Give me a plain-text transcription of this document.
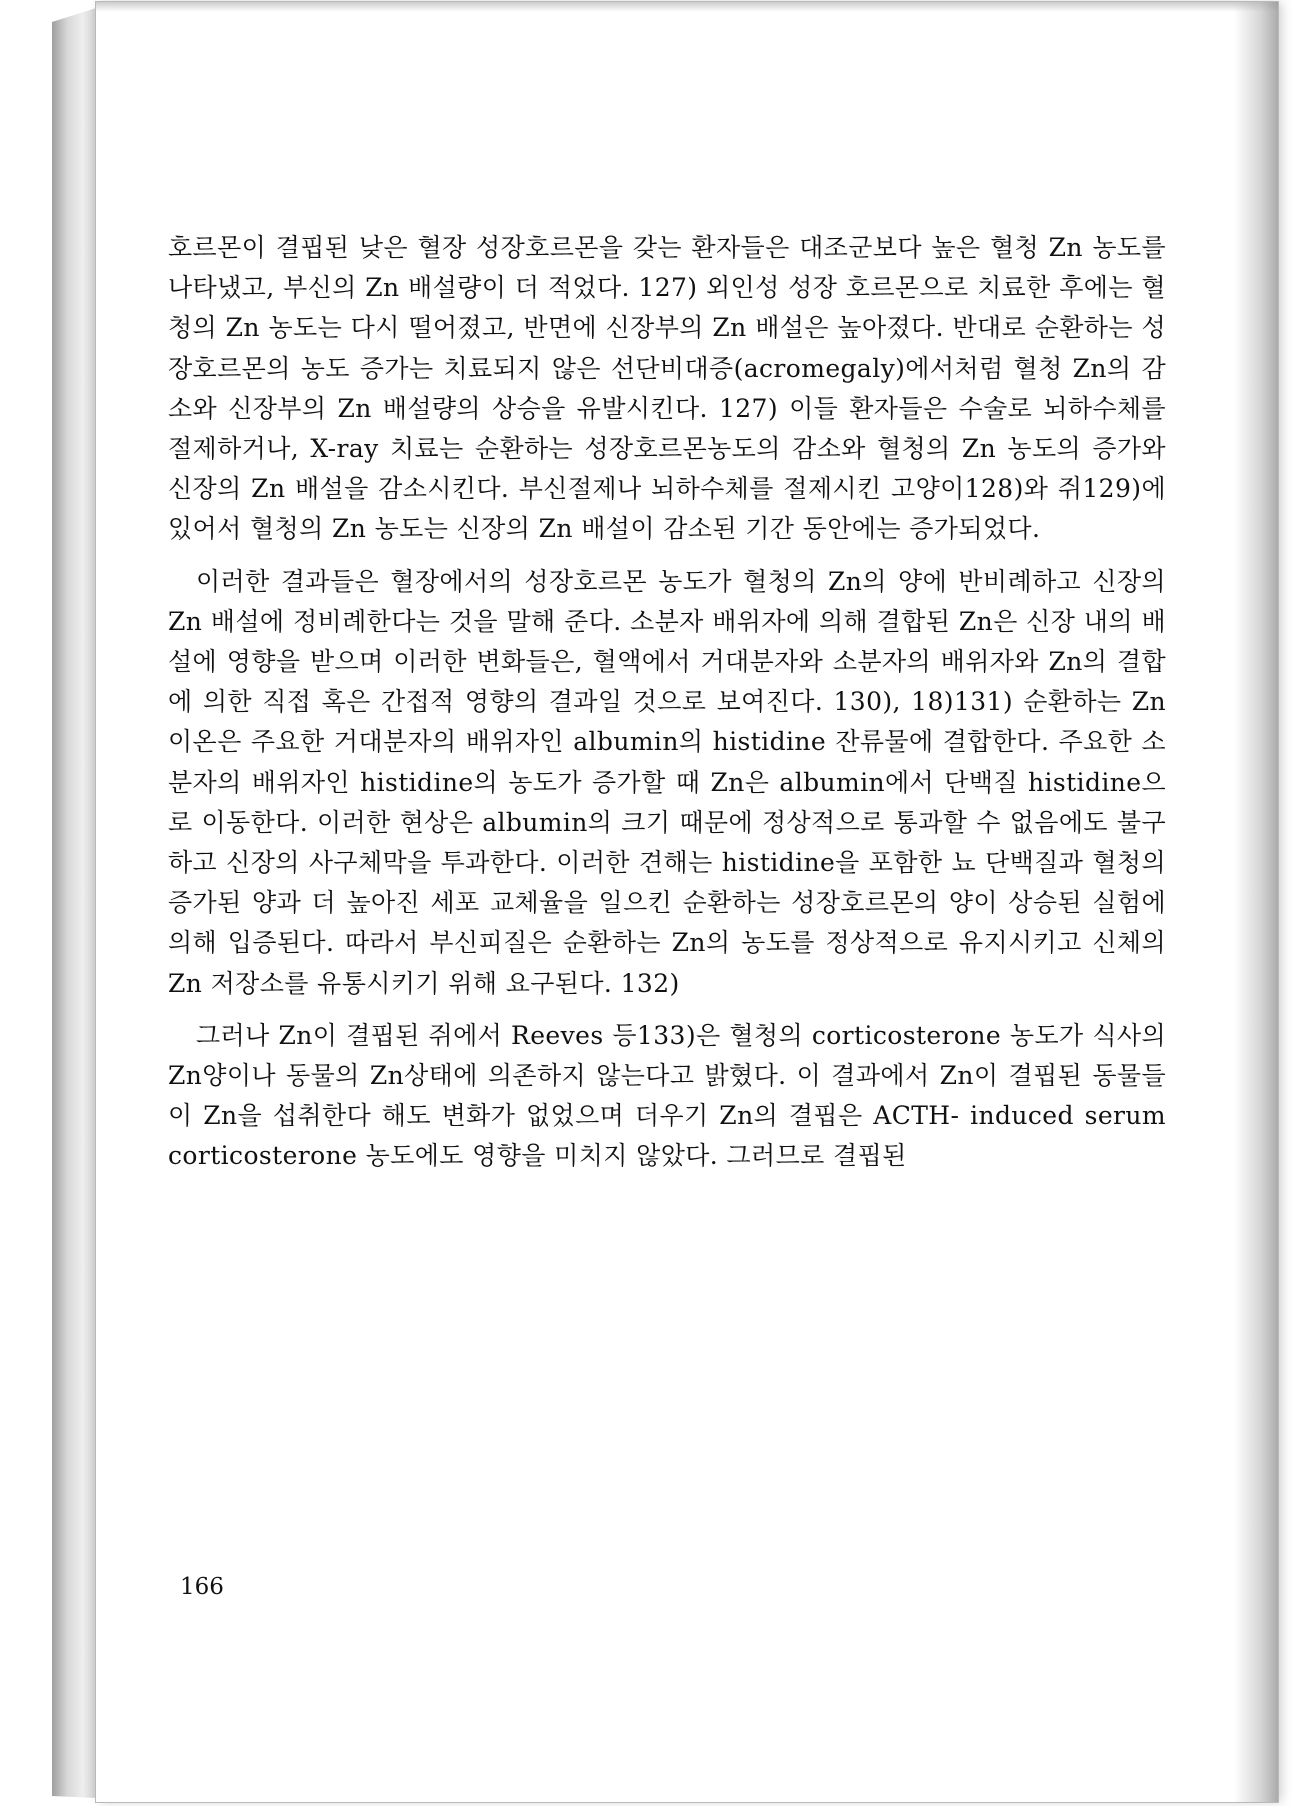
호르몬이 결핍된 낮은 혈장 성장호르몬을 갖는 환자들은 대조군보다 높은 혈청 Zn 농도를 나타냈고, 부신의 Zn 배설량이 더 적었다. 127) 외인성 성장 호르몬으로 치료한 후에는 혈청의 Zn 농도는 다시 떨어졌고, 반면에 신장부의 Zn 배설은 높아졌다. 반대로 순환하는 성장호르몬의 농도 증가는 치료되지 않은 선단비대증(acromegaly)에서처럼 혈청 Zn의 감소와 신장부의 Zn 배설량의 상승을 유발시킨다. 127) 이들 환자들은 수술로 뇌하수체를 절제하거나, X-ray 치료는 순환하는 성장호르몬농도의 감소와 혈청의 Zn 농도의 증가와 신장의 Zn 배설을 감소시킨다. 부신절제나 뇌하수체를 절제시킨 고양이128)와 쥐129)에 있어서 혈청의 Zn 농도는 신장의 Zn 배설이 감소된 기간 동안에는 증가되었다.

이러한 결과들은 혈장에서의 성장호르몬 농도가 혈청의 Zn의 양에 반비례하고 신장의 Zn 배설에 정비례한다는 것을 말해 준다. 소분자 배위자에 의해 결합된 Zn은 신장 내의 배설에 영향을 받으며 이러한 변화들은, 혈액에서 거대분자와 소분자의 배위자와 Zn의 결합에 의한 직접 혹은 간접적 영향의 결과일 것으로 보여진다. 130), 18)131) 순환하는 Zn 이온은 주요한 거대분자의 배위자인 albumin의 histidine 잔류물에 결합한다. 주요한 소분자의 배위자인 histidine의 농도가 증가할 때 Zn은 albumin에서 단백질 histidine으로 이동한다. 이러한 현상은 albumin의 크기 때문에 정상적으로 통과할 수 없음에도 불구하고 신장의 사구체막을 투과한다. 이러한 견해는 histidine을 포함한 뇨 단백질과 혈청의 증가된 양과 더 높아진 세포 교체율을 일으킨 순환하는 성장호르몬의 양이 상승된 실험에 의해 입증된다. 따라서 부신피질은 순환하는 Zn의 농도를 정상적으로 유지시키고 신체의 Zn 저장소를 유통시키기 위해 요구된다. 132)

그러나 Zn이 결핍된 쥐에서 Reeves 등133)은 혈청의 corticosterone 농도가 식사의 Zn양이나 동물의 Zn상태에 의존하지 않는다고 밝혔다. 이 결과에서 Zn이 결핍된 동물들이 Zn을 섭취한다 해도 변화가 없었으며 더우기 Zn의 결핍은 ACTH- induced serum corticosterone 농도에도 영향을 미치지 않았다. 그러므로 결핍된

166
